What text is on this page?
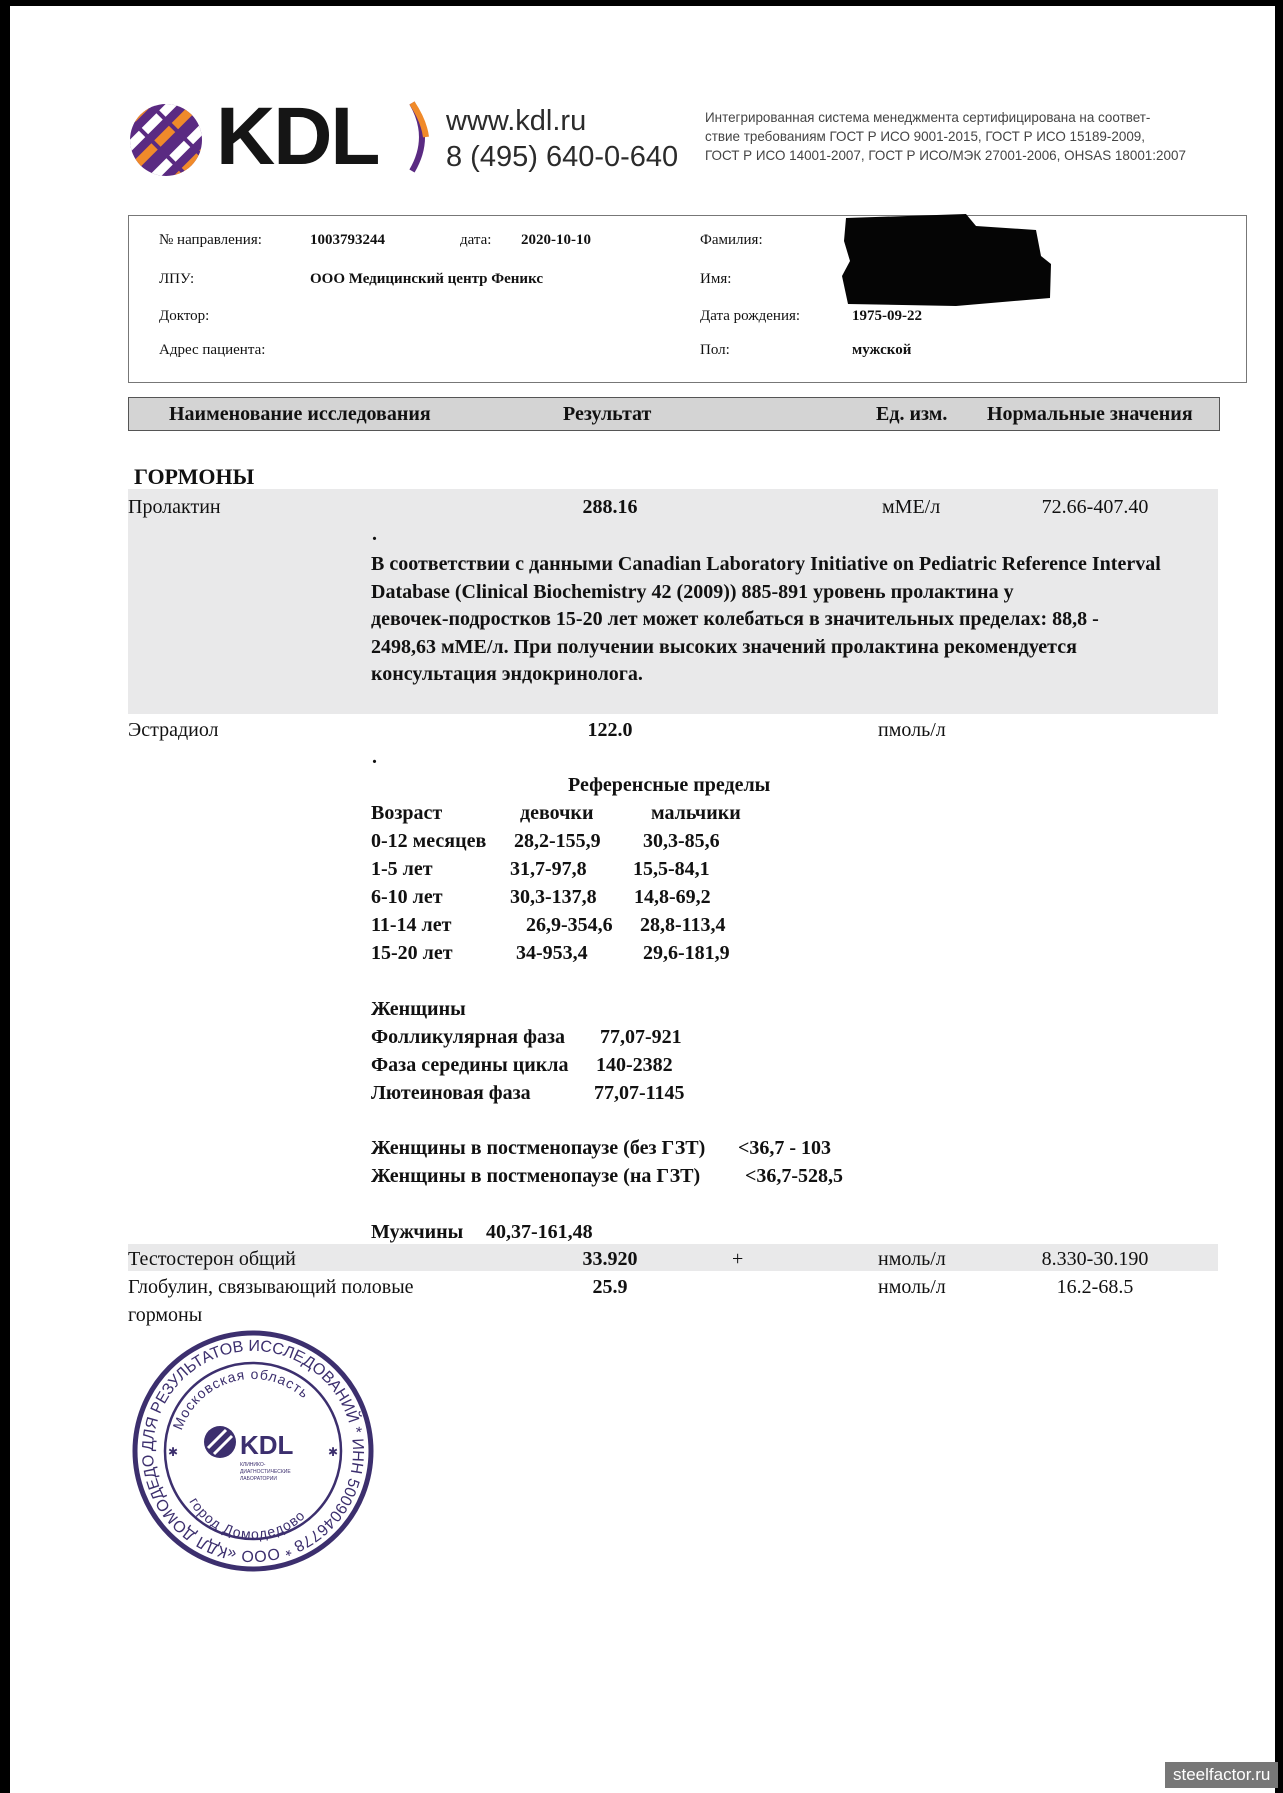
KDL www.kdl.ru
8 (495) 640-0-640
Интегрированная система менеджмента сертифицирована на соответ-
ствие требованиям ГОСТ Р ИСО 9001-2015, ГОСТ Р ИСО 15189-2009,
ГОСТ Р ИСО 14001-2007, ГОСТ Р ИСО/МЭК 27001-2006, OHSAS 18001:2007
№ направления:	1003793244	дата: 2020-10-10
ЛПУ:	ООО Медицинский центр Феникс
Доктор:
Адрес пациента:
Фамилия:
Имя:
Дата рождения:	1975-09-22
Пол:	мужской
Наименование исследования	Результат	Ед. изм. Нормальные значения
ГОРМОНЫ
Пролактин	288.16	мМЕ/л	72.66-407.40
.
В соответствии с данными Canadian Laboratory Initiative on Pediatric Reference Interval
Database (Clinical Biochemistry 42 (2009)) 885-891 уровень пролактина у
девочек-подростков 15-20 лет может колебаться в значительных пределах: 88,8 -
2498,63 мМЕ/л. При получении высоких значений пролактина рекомендуется
консультация эндокринолога.
Эстрадиол	122.0	пмоль/л
.
Референсные пределы
Возраст	девочки	мальчики
0-12 месяцев 28,2-155,9 30,3-85,6
1-5 лет	31,7-97,8 15,5-84,1
6-10 лет	30,3-137,8 14,8-69,2
11-14 лет	26,9-354,6 28,8-113,4
15-20 лет	34-953,4	29,6-181,9
Женщины
Фолликулярная фаза 77,07-921
Фаза середины цикла 140-2382
Лютеиновая фаза	77,07-1145
Женщины в постменопаузе (без ГЗТ) <36,7 - 103
Женщины в постменопаузе (на ГЗТ) <36,7-528,5
Мужчины 40,37-161,48
Тестостерон общий	33.920	+	нмоль/л	8.330-30.190
Глобулин, связывающий половые
гормоны
25.9	нмоль/л	16.2-68.5
ДЛЯ РЕЗУЛЬТАТОВ ИССЛЕДОВАНИЙ * ИНН 5009046778 * ООО «КДЛ ДОМОДЕДО
Московская область
город Домодедово
✱	✱
KDL
КЛИНИКО-
ДИАГНОСТИЧЕСКИЕ
ЛАБОРАТОРИИ
steelfactor.ru
